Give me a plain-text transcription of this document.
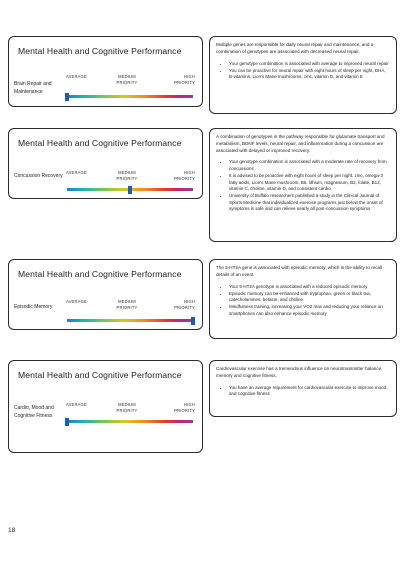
Mental Health and Cognitive Performance
Brain Repair and Maintenance
AVERAGE	MEDIUM PRIORITY
HIGH PRIORITY
Multiple genes are responsible for daily neural repair and maintenance, and a combination of genotypes are associated with decreased neural repair.
• Your genotype combination is associated with average to improved neural repair
• You can be proactive for neural repair with eight hours of sleep per night, DHA, B-vitamins, Lion's Mane mushrooms, zinc, vitamin D, and vitamin E
Mental Health and Cognitive Performance
Concussion Recovery
AVERAGE	MEDIUM PRIORITY
HIGH PRIORITY
A combination of genotypes in the pathway responsible for glutamate transport and metabolism, BDNF levels, neural repair, and inflammation during a concussion are associated with delayed or improved recovery.
• Your genotype combination is associated with a moderate rate of recovery from concussions
• It is advised to be proactive with eight hours of sleep per night, zinc, omega-3 fatty acids, Lion's Mane mushroom, B6, lithium, magnesium, B2, folate, B12, vitamin C, choline, vitamin D, and consistent cardio
• University of Buffalo researchers published a study in the Clinical Journal of Sports Medicine that individualized exercise programs just below the onset of symptoms is safe and can relieve nearly all post-concussion symptoms
Mental Health and Cognitive Performance
Episodic Memory
AVERAGE	MEDIUM PRIORITY
HIGH PRIORITY
The 5-HT2A gene is associated with episodic memory, which is the ability to recall details of an event.
• Your 5-HT2A genotype is associated with a reduced episodic memory
• Episodic memory can be enhanced with tryptophan, green or black tea, catecholamines, betaine, and choline
• Mindfulness training, increasing your VO2 max and reducing your reliance on smartphones can also enhance episodic memory
Mental Health and Cognitive Performance
Cardio, Mood and Cognitive Fitness
AVERAGE	MEDIUM PRIORITY
HIGH PRIORITY
Cardiovascular exercise has a tremendous influence on neurotransmitter balance, memory and cognitive fitness.
• You have an average requirement for cardiovascular exercise to improve mood and cognitive fitness
18
